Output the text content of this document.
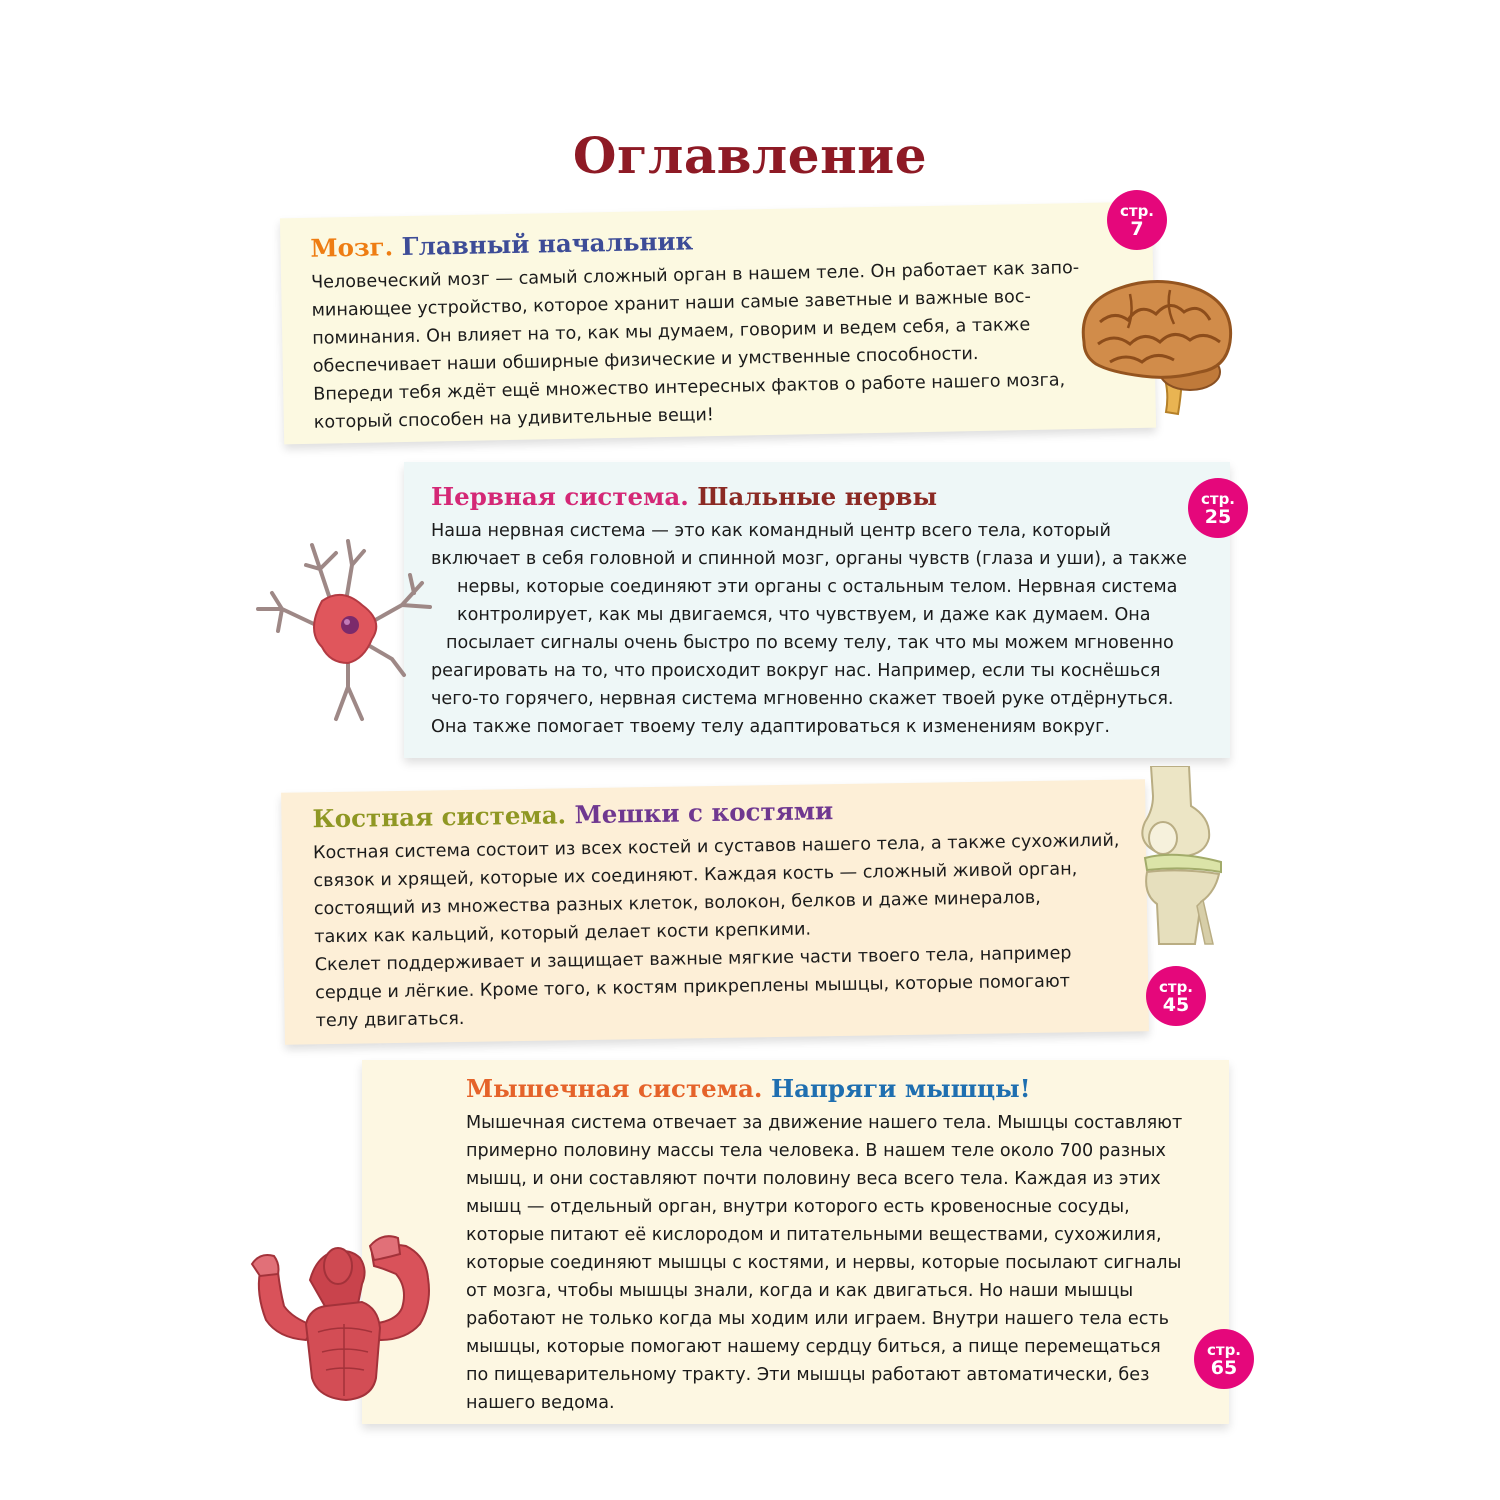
Оглавление
Мозг. Главный начальник

Человеческий мозг — самый сложный орган в нашем теле. Он работает как запо-
минающее устройство, которое хранит наши самые заветные и важные вос-
поминания. Он влияет на то, как мы думаем, говорим и ведем себя, а также
обеспечивает наши обширные физические и умственные способности.
Впереди тебя ждёт ещё множество интересных фактов о работе нашего мозга,
который способен на удивительные вещи!

стр.
7
Нервная система. Шальные нервы

Наша нервная система — это как командный центр всего тела, который
включает в себя головной и спинной мозг, органы чувств (глаза и уши), а также
нервы, которые соединяют эти органы с остальным телом. Нервная система
контролирует, как мы двигаемся, что чувствуем, и даже как думаем. Она
посылает сигналы очень быстро по всему телу, так что мы можем мгновенно
реагировать на то, что происходит вокруг нас. Например, если ты коснёшься
чего-то горячего, нервная система мгновенно скажет твоей руке отдёрнуться.
Она также помогает твоему телу адаптироваться к изменениям вокруг.

стр.
25
Костная система. Мешки с костями

Костная система состоит из всех костей и суставов нашего тела, а также сухожилий,
связок и хрящей, которые их соединяют. Каждая кость — сложный живой орган,
состоящий из множества разных клеток, волокон, белков и даже минералов,
таких как кальций, который делает кости крепкими.
Скелет поддерживает и защищает важные мягкие части твоего тела, например
сердце и лёгкие. Кроме того, к костям прикреплены мышцы, которые помогают
телу двигаться.

стр.
45
Мышечная система. Напряги мышцы!

Мышечная система отвечает за движение нашего тела. Мышцы составляют
примерно половину массы тела человека. В нашем теле около 700 разных
мышц, и они составляют почти половину веса всего тела. Каждая из этих
мышц — отдельный орган, внутри которого есть кровеносные сосуды,
которые питают её кислородом и питательными веществами, сухожилия,
которые соединяют мышцы с костями, и нервы, которые посылают сигналы
от мозга, чтобы мышцы знали, когда и как двигаться. Но наши мышцы
работают не только когда мы ходим или играем. Внутри нашего тела есть
мышцы, которые помогают нашему сердцу биться, а пище перемещаться
по пищеварительному тракту. Эти мышцы работают автоматически, без
нашего ведома.

стр.
65
